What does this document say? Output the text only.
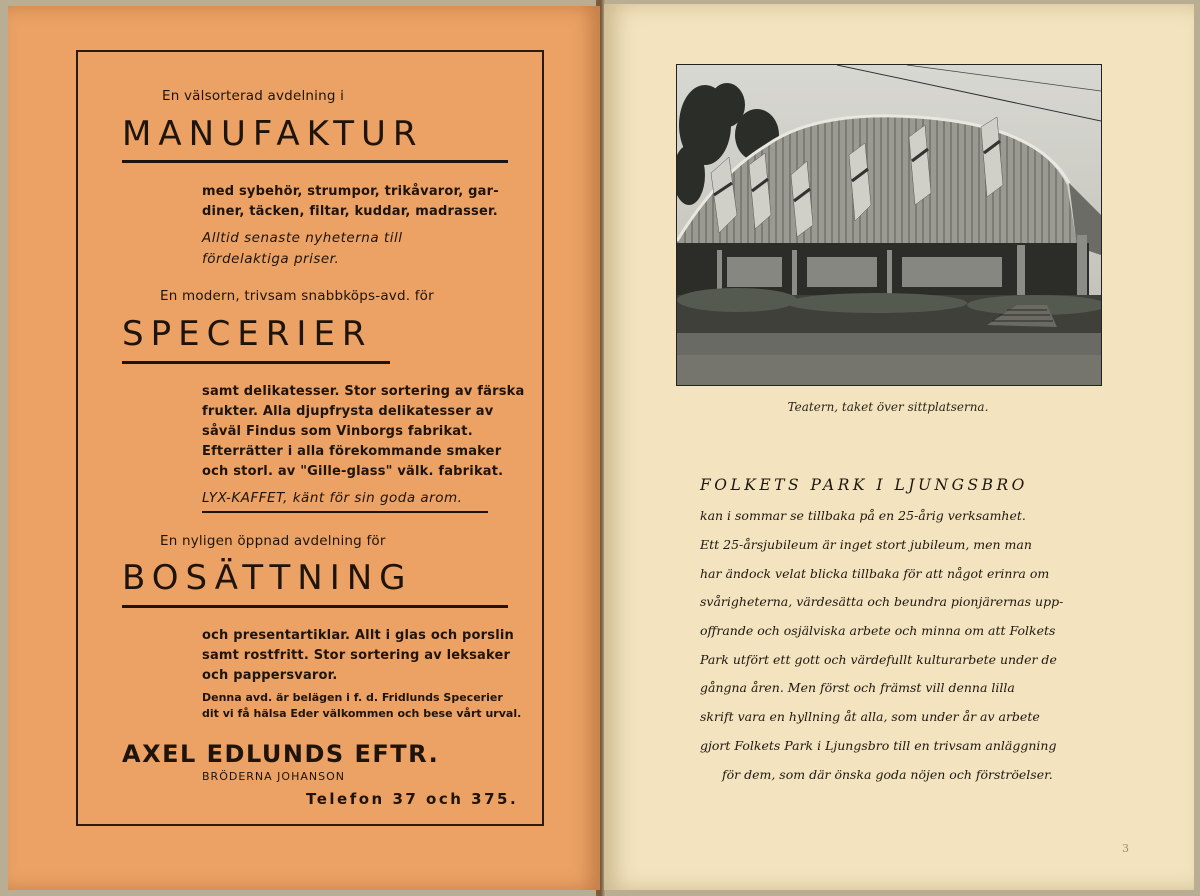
En välsorterad avdelning i
MANUFAKTUR
med sybehör, strumpor, trikåvaror, gar-
diner, täcken, filtar, kuddar, madrasser.
Alltid senaste nyheterna till
fördelaktiga priser.
En modern, trivsam snabbköps-avd. för
SPECERIER
samt delikatesser. Stor sortering av färska
frukter. Alla djupfrysta delikatesser av
såväl Findus som Vinborgs fabrikat.
Efterrätter i alla förekommande smaker
och storl. av "Gille-glass" välk. fabrikat.
LYX-KAFFET, känt för sin goda arom.
En nyligen öppnad avdelning för
BOSÄTTNING
och presentartiklar. Allt i glas och porslin
samt rostfritt. Stor sortering av leksaker
och pappersvaror.
Denna avd. är belägen i f. d. Fridlunds Specerier
dit vi få hälsa Eder välkommen och bese vårt urval.
AXEL EDLUNDS EFTR.
BRÖDERNA JOHANSON
Telefon 37 och 375.
Teatern, taket över sittplatserna.
FOLKETS PARK I LJUNGSBRO
kan i sommar se tillbaka på en 25-årig verksamhet.
Ett 25-årsjubileum är inget stort jubileum, men man
har ändock velat blicka tillbaka för att något erinra om
svårigheterna, värdesätta och beundra pionjärernas upp-
offrande och osjälviska arbete och minna om att Folkets
Park utfört ett gott och värdefullt kulturarbete under de
gångna åren. Men först och främst vill denna lilla
skrift vara en hyllning åt alla, som under år av arbete
gjort Folkets Park i Ljungsbro till en trivsam anläggning
för dem, som där önska goda nöjen och förströelser.
3
